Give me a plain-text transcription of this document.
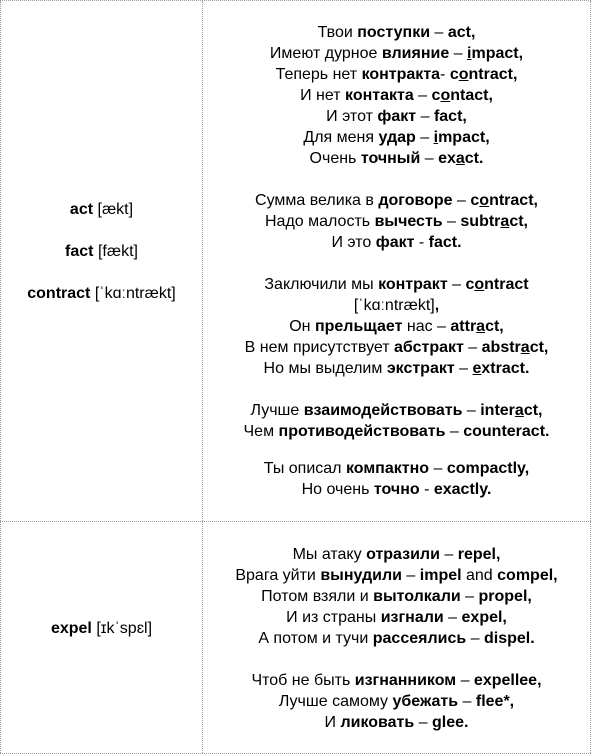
act [ækt]
fact [fækt]
contract [ˈkɑːntrækt]
Твои поступки – act,
Имеют дурное влияние – impact,
Теперь нет контракта- contract,
И нет контакта – contact,
И этот факт – fact,
Для меня удар – impact,
Очень точный – exact.
Сумма велика в договоре – contract,
Надо малость вычесть – subtract,
И это факт - fact.
Заключили мы контракт – contract
[ˈkɑːntrækt],
Он прельщает нас – attract,
В нем присутствует абстракт – abstract,
Но мы выделим экстракт – extract.
Лучше взаимодействовать – interact,
Чем противодействовать – counteract.
Ты описал компактно – compactly,
Но очень точно - exactly.
expel [ɪkˈspɛl]
Мы атаку отразили – repel,
Врага уйти вынудили – impel and compel,
Потом взяли и вытолкали – propel,
И из страны изгнали – expel,
А потом и тучи рассеялись – dispel.
Чтоб не быть изгнанником – expellee,
Лучше самому убежать – flee*,
И ликовать – glee.
